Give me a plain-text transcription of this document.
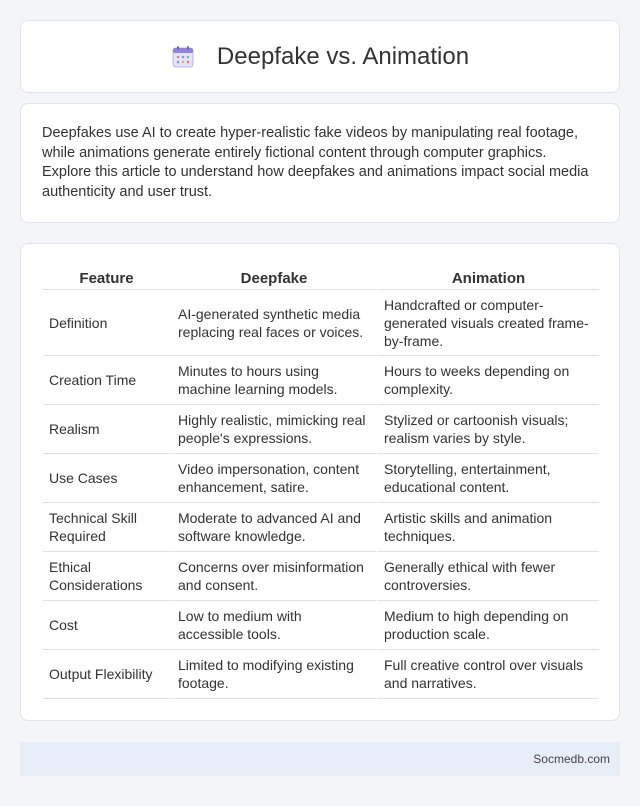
Deepfake vs. Animation

Deepfakes use AI to create hyper-realistic fake videos by manipulating real footage, while animations generate entirely fictional content through computer graphics. Explore this article to understand how deepfakes and animations impact social media authenticity and user trust.

Feature	Deepfake	Animation
Definition	AI-generated synthetic media replacing real faces or voices.	Handcrafted or computer-generated visuals created frame-by-frame.
Creation Time	Minutes to hours using machine learning models.	Hours to weeks depending on complexity.
Realism	Highly realistic, mimicking real people's expressions.	Stylized or cartoonish visuals; realism varies by style.
Use Cases	Video impersonation, content enhancement, satire.	Storytelling, entertainment, educational content.
Technical Skill Required	Moderate to advanced AI and software knowledge.	Artistic skills and animation techniques.
Ethical Considerations	Concerns over misinformation and consent.	Generally ethical with fewer controversies.
Cost	Low to medium with accessible tools.	Medium to high depending on production scale.
Output Flexibility	Limited to modifying existing footage.	Full creative control over visuals and narratives.
Socmedb.com
